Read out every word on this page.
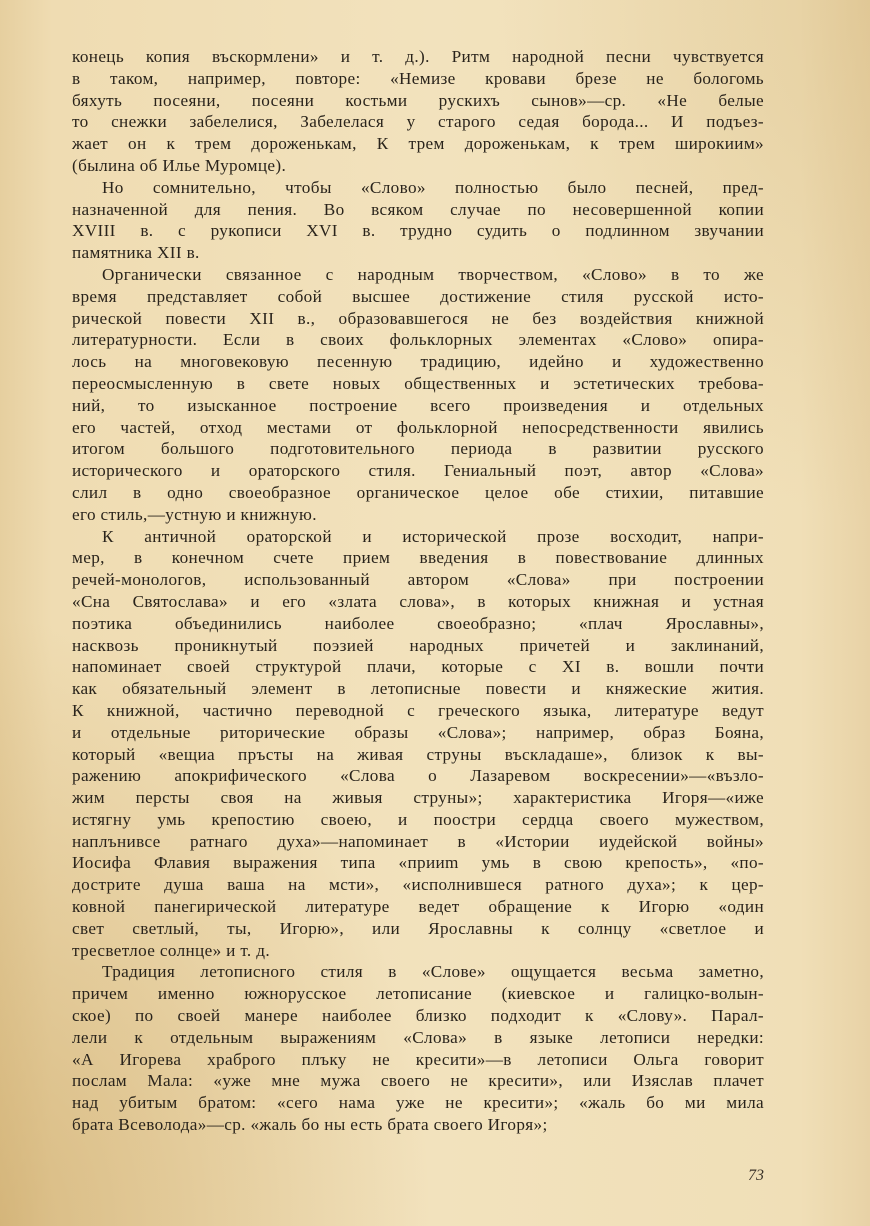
конець копия въскормлени» и т. д.). Ритм народной песни чувствуется
в таком, например, повторе: «Немизе кровави брезе не бологомь
бяхуть посеяни, посеяни костьми рускихъ сынов»—ср. «Не белые
то снежки забелелися, Забелелася у старого седая борода... И подъез-
жает он к трем дороженькам, К трем дороженькам, к трем широкиим»
(былина об Илье Муромце).
Но сомнительно, чтобы «Слово» полностью было песней, пред-
назначенной для пения. Во всяком случае по несовершенной копии
XVIII в. с рукописи XVI в. трудно судить о подлинном звучании
памятника XII в.
Органически связанное с народным творчеством, «Слово» в то же
время представляет собой высшее достижение стиля русской исто-
рической повести XII в., образовавшегося не без воздействия книжной
литературности. Если в своих фольклорных элементах «Слово» опира-
лось на многовековую песенную традицию, идейно и художественно
переосмысленную в свете новых общественных и эстетических требова-
ний, то изысканное построение всего произведения и отдельных
его частей, отход местами от фольклорной непосредственности явились
итогом большого подготовительного периода в развитии русского
исторического и ораторского стиля. Гениальный поэт, автор «Слова»
слил в одно своеобразное органическое целое обе стихии, питавшие
его стиль,—устную и книжную.
К античной ораторской и исторической прозе восходит, напри-
мер, в конечном счете прием введения в повествование длинных
речей-монологов, использованный автором «Слова» при построении
«Сна Святослава» и его «злата слова», в которых книжная и устная
поэтика объединились наиболее своеобразно; «плач Ярославны»,
насквозь проникнутый поэзией народных причетей и заклинаний,
напоминает своей структурой плачи, которые с XI в. вошли почти
как обязательный элемент в летописные повести и княжеские жития.
К книжной, частично переводной с греческого языка, литературе ведут
и отдельные риторические образы «Слова»; например, образ Бояна,
который «вещиа пръсты на живая струны въскладаше», близок к вы-
ражению апокрифического «Слова о Лазаревом воскресении»—«възло-
жим персты своя на живыя струны»; характеристика Игоря—«иже
истягну умь крепостию своею, и поостри сердца своего мужеством,
наплънивсе ратнаго духа»—напоминает в «Истории иудейской войны»
Иосифа Флавия выражения типа «прииm умь в свою крепость», «по-
дострите душа ваша на мсти», «исполнившеся ратного духа»; к цер-
ковной панегирической литературе ведет обращение к Игорю «один
свет светлый, ты, Игорю», или Ярославны к солнцу «светлое и
тресветлое солнце» и т. д.
Традиция летописного стиля в «Слове» ощущается весьма заметно,
причем именно южнорусское летописание (киевское и галицко-волын-
ское) по своей манере наиболее близко подходит к «Слову». Парал-
лели к отдельным выражениям «Слова» в языке летописи нередки:
«А Игорева храброго плъку не кресити»—в летописи Ольга говорит
послам Мала: «уже мне мужа своего не кресити», или Изяслав плачет
над убитым братом: «сего нама уже не кресити»; «жаль бо ми мила
брата Всеволода»—ср. «жаль бо ны есть брата своего Игоря»;
73
